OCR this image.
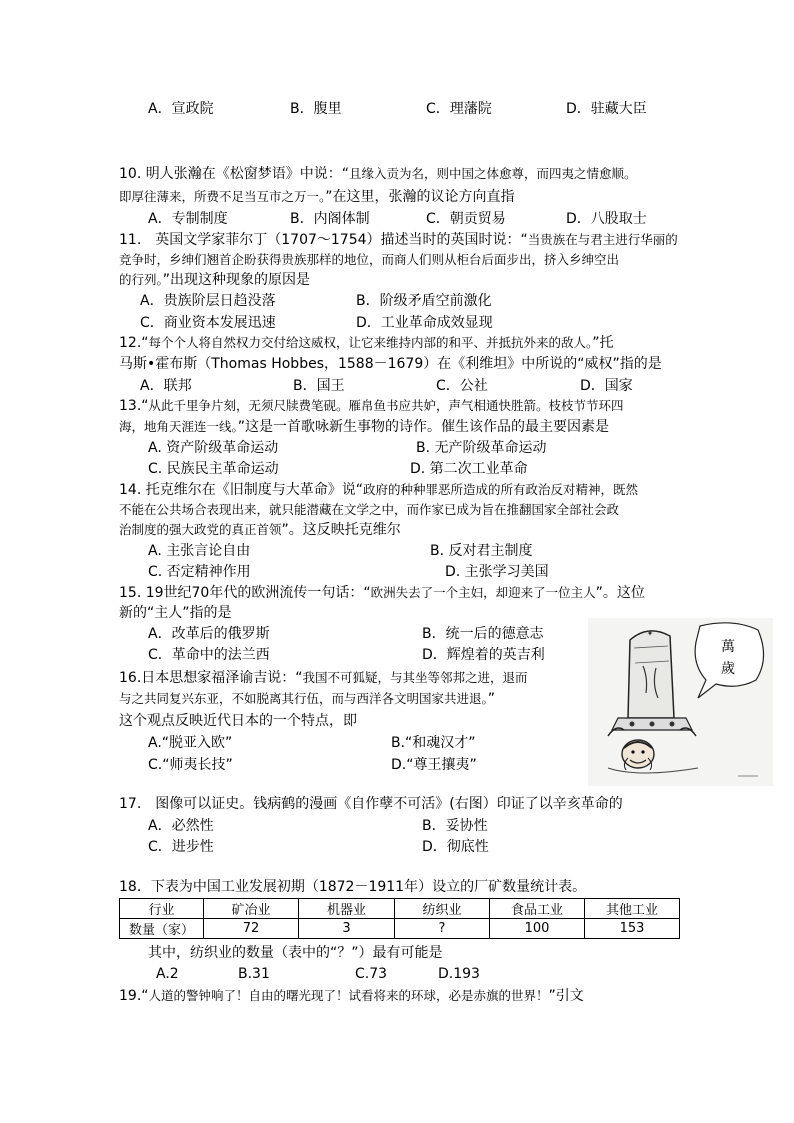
A．宣政院	B．腹里	C．理藩院	D．驻藏大臣
10. 明人张瀚在《松窗梦语》中说：“且缘入贡为名，则中国之体愈尊，而四夷之情愈顺。
即厚往薄来，所费不足当互市之万一。”在这里，张瀚的议论方向直指
A．专制制度	B．内阁体制	C．朝贡贸易	D．八股取士
11.　英国文学家菲尔丁（1707～1754）描述当时的英国时说：“当贵族在与君主进行华丽的
竞争时，乡绅们翘首企盼获得贵族那样的地位，而商人们则从柜台后面步出，挤入乡绅空出
的行列。”出现这种现象的原因是
A．贵族阶层日趋没落	B．阶级矛盾空前激化
C．商业资本发展迅速	D．工业革命成效显现
12.“每个个人将自然权力交付给这威权，让它来维持内部的和平、并抵抗外来的敌人。”托
马斯•霍布斯（Thomas Hobbes，1588－1679）在《利维坦》中所说的“威权”指的是
A．联邦	B．国王	C．公社	D．国家
13.“从此千里争片刻，无须尺牍费笔砚。雁帛鱼书应共妒，声气相通快胜箭。枝枝节节环四
海，地角天涯连一线。”这是一首歌咏新生事物的诗作。催生该作品的最主要因素是
A. 资产阶级革命运动	B. 无产阶级革命运动
C. 民族民主革命运动	D. 第二次工业革命
14. 托克维尔在《旧制度与大革命》说“政府的种种罪恶所造成的所有政治反对精神，既然
不能在公共场合表现出来，就只能潜藏在文学之中，而作家已成为旨在推翻国家全部社会政
治制度的强大政党的真正首领”。这反映托克维尔
A. 主张言论自由	B. 反对君主制度
C. 否定精神作用	D. 主张学习美国
15. 19世纪70年代的欧洲流传一句话：“欧洲失去了一个主妇，却迎来了一位主人”。这位
新的“主人”指的是
A．改革后的俄罗斯	B．统一后的德意志
C．革命中的法兰西	D．辉煌着的英吉利
16.日本思想家福泽谕吉说：“我国不可狐疑，与其坐等邻邦之进，退而
与之共同复兴东亚，不如脱离其行伍，而与西洋各文明国家共进退。”
这个观点反映近代日本的一个特点，即
A.“脱亚入欧”	B.“和魂汉才”
C.“师夷长技”	D.“尊王攘夷”
✦
萬
歲
17.　图像可以证史。钱病鹤的漫画《自作孽不可活》(右图）印证了以辛亥革命的
A．必然性	B．妥协性
C．进步性	D．彻底性
18．下表为中国工业发展初期（1872－1911年）设立的厂矿数量统计表。
行业	矿冶业	机器业	纺织业	食品工业	其他工业
数量（家）	72	3	?	100	153
其中，纺织业的数量（表中的“？”）最有可能是
A.2	B.31	C.73	D.193
19.“人道的警钟响了！自由的曙光现了！试看将来的环球，必是赤旗的世界！”引文
